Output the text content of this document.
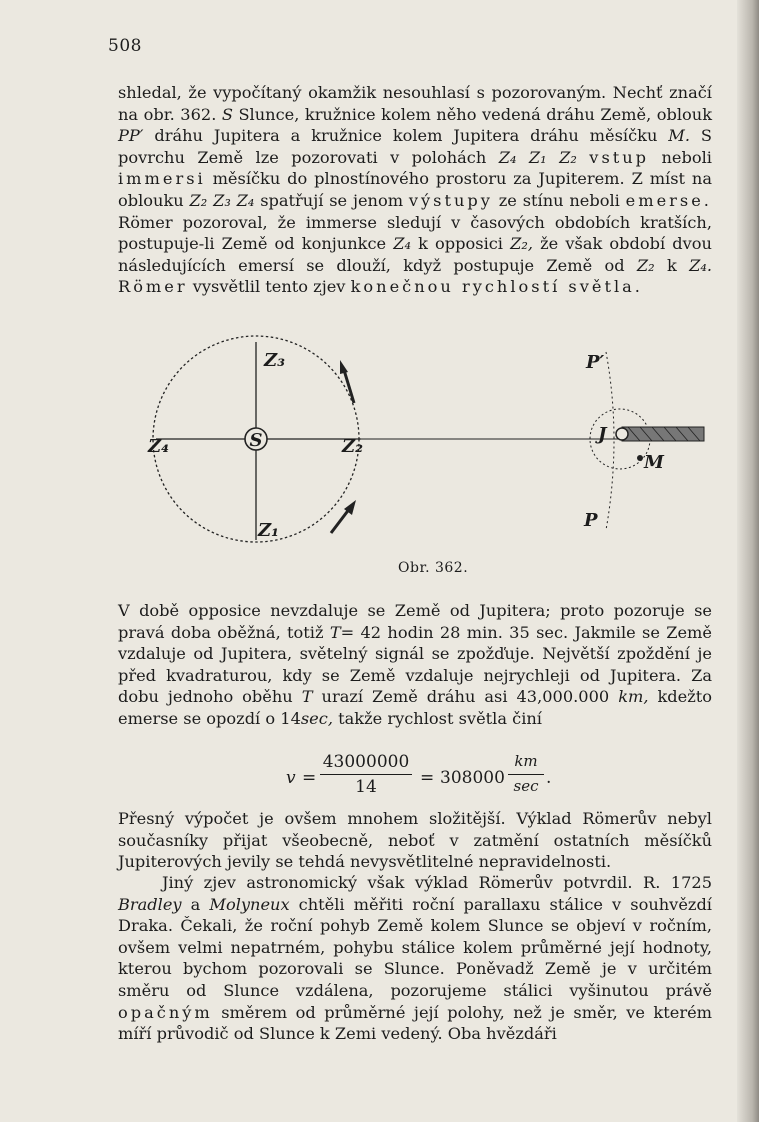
508

shledal, že vypočítaný okamžik nesouhlasí s pozorovaným. Nechť značí na obr. 362. S Slunce, kružnice kolem něho vedená dráhu Země, oblouk PP′ dráhu Jupitera a kružnice kolem Jupitera dráhu měsíčku M. S povrchu Země lze pozorovati v polohách Z₄ Z₁ Z₂ vstup neboli immersi měsíčku do plnostínového prostoru za Jupiterem. Z míst na oblouku Z₂ Z₃ Z₄ spatřují se jenom výstupy ze stínu neboli emerse. Römer pozoroval, že immerse sledují v časových obdobích kratších, postupuje-li Země od konjunkce Z₄ k opposici Z₂, že však období dvou následujících emersí se dlouží, když postupuje Země od Z₂ k Z₄. Römer vysvětlil tento zjev konečnou rychlostí světla.

S
Z₃
Z₄	Z₂
Z₁
J
M
P′
P
Obr. 362.

V době opposice nevzdaluje se Země od Jupitera; proto pozoruje se pravá doba oběžná, totiž T= 42 hodin 28 min. 35 sec. Jakmile se Země vzdaluje od Jupitera, světelný signál se zpožďuje. Největší zpoždění je před kvadraturou, kdy se Země vzdaluje nejrychleji od Jupitera. Za dobu jednoho oběhu T urazí Země dráhu asi 43,000.000 km, kdežto emerse se opozdí o 14sec, takže rychlost světla činí

v =
43000000
14	= 308000
km
sec .

Přesný výpočet je ovšem mnohem složitější. Výklad Römerův nebyl současníky přijat všeobecně, neboť v zatmění ostatních měsíčků Jupiterových jevily se tehdá nevysvětlitelné nepravidelnosti.

Jiný zjev astronomický však výklad Römerův potvrdil. R. 1725 Bradley a Molyneux chtěli měřiti roční parallaxu stálice v souhvězdí Draka. Čekali, že roční pohyb Země kolem Slunce se objeví v ročním, ovšem velmi nepatrném, pohybu stálice kolem průměrné její hodnoty, kterou bychom pozorovali se Slunce. Poněvadž Země je v určitém směru od Slunce vzdálena, pozorujeme stálici vyšinutou právě opačným směrem od průměrné její polohy, než je směr, ve kterém míří průvodič od Slunce k Zemi vedený. Oba hvězdáři
